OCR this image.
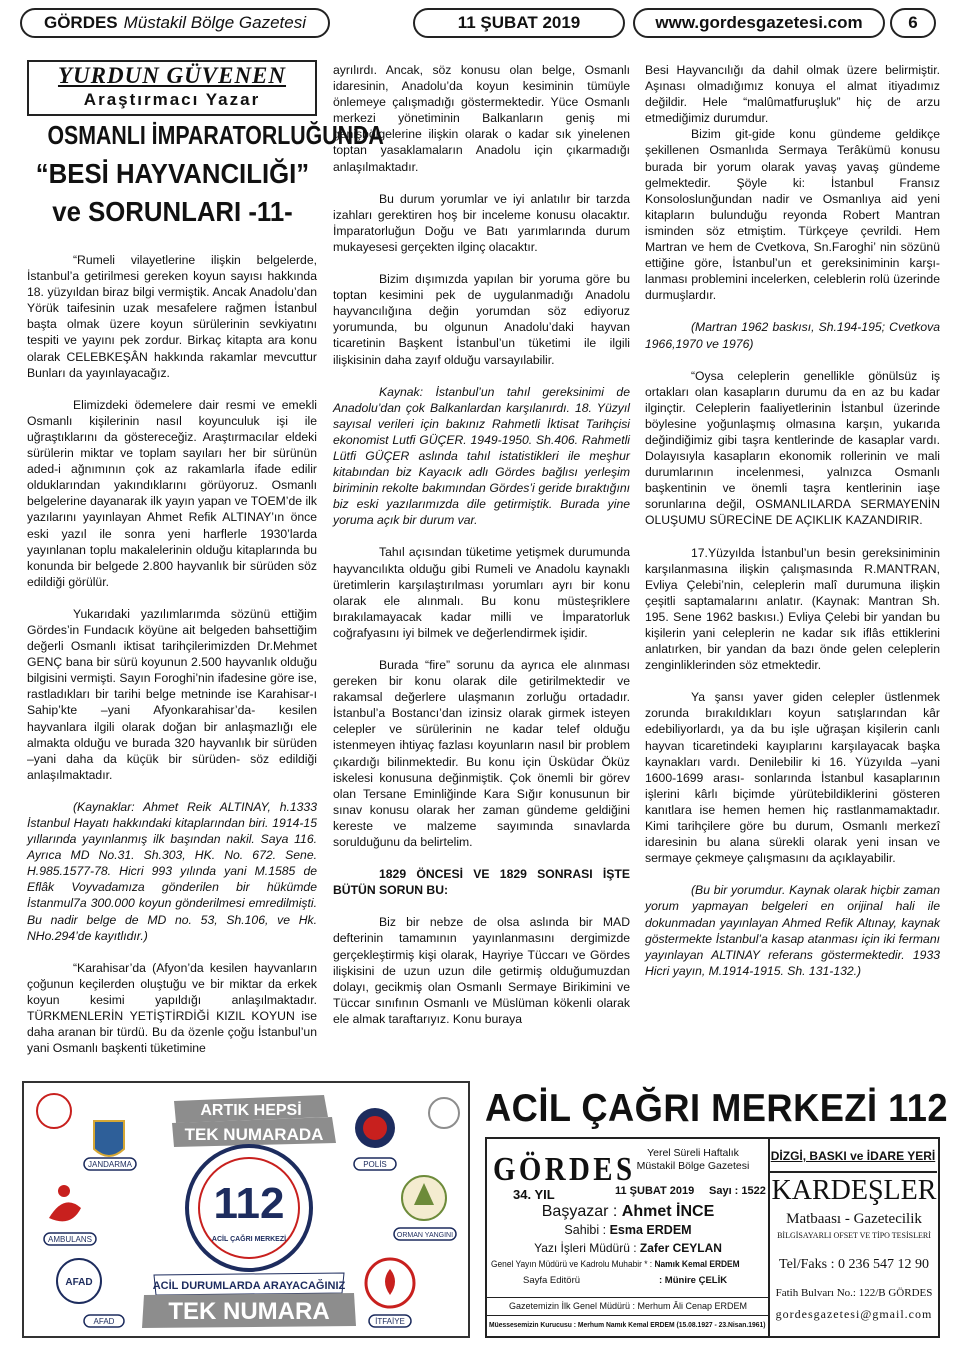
GÖRDES Müstakil Bölge Gazetesi	11 ŞUBAT 2019	www.gordesgazetesi.com	6
YURDUN GÜVENEN
Araştırmacı Yazar
OSMANLI İMPARATORLUĞUNDA
“BESİ HAYVANCILIĞI”
ve SORUNLARI -11-

“Rumeli vilayetlerine ilişkin belgelerde, İstanbul’a getirilmesi gereken koyun sayısı hakkında 18. yüzyıldan biraz bilgi vermiştik. Ancak Anadolu’dan Yörük taifesinin uzak mesafelere rağmen İstanbul başta olmak üzere koyun sürülerinin sevkiyatını tespiti ve yayını pek zordur. Birkaç kitapta ara konu olarak CELEBKEŞÂN hakkında rakamlar mevcuttur Bunları da yayınlayacağız.

Elimizdeki ödemelere dair resmi ve emekli Osmanlı kişilerinin nasıl koyunculuk işi ile uğraştıklarını da göstereceğiz. Araştırmacılar eldeki sürülerin miktar ve toplam sayıları her bir sürünün aded-i ağnımının çok az rakamlarla ifade edilir olduklarından yakındıklarını görüyoruz. Osmanlı belgelerine dayanarak ilk yayın yapan ve TOEM’de ilk yazılarını yayınlayan Ahmet Refik ALTINAY’ın önce eski yazıl ile sonra yeni harflerle 1930’larda yayınlanan toplu makalelerinin olduğu kitaplarında bu konunda bir belgede 2.800 hayvanlık bir sürüden söz edildiği görülür.

Yukarıdaki yazılımlarımda sözünü ettiğim Gördes’in Fundacık köyüne ait belgeden bahsettiğim değerli Osmanlı iktisat tarihçilerimizden Dr.Mehmet GENÇ bana bir sürü koyunun 2.500 hayvanlık olduğu bilgisini vermişti. Sayın Foroghi’nin ifadesine göre ise, rastladıkları bir tarihi belge metninde ise Karahisar-ı Sahip’kte –yani Afyonkarahisar’da- kesilen hayvanlara ilgili olarak doğan bir anlaşmazlığı ele almakta olduğu ve burada 320 hayvanlık bir sürüden –yani daha da küçük bir sürüden- söz edildiği anlaşılmaktadır.

(Kaynaklar: Ahmet Reik ALTINAY, h.1333 İstanbul Hayatı hakkındaki kitaplarından biri. 1914-15 yıllarında yayınlanmış ilk başından nakil. Saya 116. Ayrıca MD No.31. Sh.303, HK. No. 672. Sene. H.985.1577-78. Hicri 993 yılında yani M.1585 de Eflâk Voyvadamıza gönderilen bir hükümde İstanmul7a 300.000 koyun gönderilmesi emredilmişti. Bu nadir belge de MD no. 53, Sh.106, ve Hk. NHo.294’de kayıtlıdır.)

“Karahisar’da (Afyon’da kesilen hayvanların çoğunun keçilerden oluştuğu ve bir miktar da erkek koyun kesimi yapıldığı anlaşılmaktadır. TÜRKMENLERİN YETİŞTİRDİĞİ KIZIL KOYUN ise daha aranan bir türdü. Bu da özenle çoğu İstanbul’un yani Osmanlı başkenti tüketimine

ayrılırdı. Ancak, söz konusu olan belge, Osmanlı idaresinin, Anadolu’da koyun kesiminin tümüyle önlemeye çalışmadığı göstermektedir. Yüce Osmanlı merkezi yönetiminin Balkanların geniş mi genişbölgelerine ilişkin olarak o kadar sık yinelenen toptan yasaklamaların Anadolu için çıkarmadığı anlaşılmaktadır.

Bu durum yorumlar ve iyi anlatılır bir tarzda izahları gerektiren hoş bir inceleme konusu olacaktır. İmparatorluğun Doğu ve Batı yarımlarında durum mukayesesi gerçekten ilginç olacaktır.

Bizim dışımızda yapılan bir yoruma göre bu toptan kesimini pek de uygulanmadığı Anadolu hayvancılığına değin yorumdan söz ediyoruz yorumunda, bu olgunun Anadolu’daki hayvan ticaretinin Başkent İstanbul’un tüketimi ile ilgili ilişkisinin daha zayıf olduğu varsayılabilir.

Kaynak: İstanbul’un tahıl gereksinimi de Anadolu’dan çok Balkanlardan karşılanırdı. 18. Yüzyıl sayısal verileri için bakınız Rahmetli İktisat Tarihçisi ekonomist Lutfi GÜÇER. 1949-1950. Sh.406. Rahmetli Lütfi GÜÇER aslında tahıl istatistikleri ile meşhur kitabından biz Kayacık adlı Gördes bağlısı yerleşim biriminin rekolte bakımından Gördes’i geride bıraktığını biz eski yazılarımızda dile getirmiştik. Burada yine yoruma açık bir durum var.

Tahıl açısından tüketime yetişmek durumunda hayvancılıkta olduğu gibi Rumeli ve Anadolu kaynaklı üretimlerin karşılaştırılması yorumları ayrı bir konu olarak ele alınmalı. Bu konu müsteşriklere bırakılamayacak kadar milli ve İmparatorluk coğrafyasını iyi bilmek ve değerlendirmek işidir.

Burada “fire” sorunu da ayrıca ele alınması gereken bir konu olarak dile getirilmektedir ve rakamsal değerlere ulaşmanın zorluğu ortadadır. İstanbul’a Bostancı’dan izinsiz olarak girmek isteyen celepler ve sürülerinin ne kadar telef olduğu istenmeyen ihtiyaç fazlası koyunların nasıl bir problem çıkardığı bilinmektedir. Bu konu için Üsküdar Öküz iskelesi konusuna değinmiştik. Çok önemli bir görev olan Tersane Eminliğinde Kara Sığır konusunun bir sınav konusu olarak her zaman gündeme geldiğini kereste ve malzeme sayımında sınavlarda sorulduğunu da belirtelim.

1829 ÖNCESİ VE 1829 SONRASI İŞTE BÜTÜN SORUN BU:

Biz bir nebze de olsa aslında bir MAD defterinin tamamının yayınlanmasını dergimizde gerçekleştirmiş kişi olarak, Hayriye Tüccarı ve Gördes ilişkisini de uzun uzun dile getirmiş olduğumuzdan dolayı, gecikmiş olan Osmanlı Sermaye Birikimini ve Tüccar sınıfının Osmanlı ve Müslüman kökenli olarak ele almak taraftarıyız. Konu buraya

Besi Hayvancılığı da dahil olmak üzere belirmiştir. Aşınası olmadığımız konuya el almat itiyadımız değildir. Hele “malûmatfuruşluk” hiç de arzu etmediğimiz durumdur.

Bizim git-gide konu gündeme geldikçe şekillenen Osmanlıda Sermaya Terâkümü konusu burada bir yorum olarak yavaş yavaş gündeme gelmektedir. Şöyle ki: İstanbul Fransız Konsoloslunğundan nadir ve Osmanlıya aid yeni kitapların bulunduğu reyonda Robert Mantran isminden söz etmiştim. Türkçeye çevrildi. Hem Martran ve hem de Cvetkova, Sn.Faroghi’ nin sözünü ettiğine göre, İstanbul’un et gereksiniminin karşı-lanması problemini incelerken, celeblerin rolü üzerinde durmuşlardır.

(Martran 1962 baskısı, Sh.194-195; Cvetkova 1966,1970 ve 1976)

“Oysa celeplerin genellikle gönülsüz iş ortakları olan kasapların durumu da en az bu kadar ilginçtir. Celeplerin faaliyetlerinin İstanbul üzerinde böylesine yoğunlaşmış olmasına karşın, yukarıda değindiğimiz gibi taşra kentlerinde de kasaplar vardı. Dolayısıyla kasapların ekonomik rollerinin ve mali durumlarının incelenmesi, yalnızca Osmanlı başkentinin ve önemli taşra kentlerinin iaşe sorunlarına değil, OSMANLILARDA SERMAYENİN OLUŞUMU SÜRECİNE DE AÇIKLIK KAZANDIRIR.

17.Yüzyılda İstanbul’un besin gereksiniminin karşılanmasına ilişkin çalışmasında R.MANTRAN, Evliya Çelebi’nin, celeplerin malî durumuna ilişkin çeşitli saptamalarını anlatır. (Kaynak: Mantran Sh. 195. Sene 1962 baskısı.) Evliya Çelebi bir yandan bu kişilerin yani celeplerin ne kadar sık iflâs ettiklerini anlatırken, bir yandan da bazı önde gelen celeplerin zenginliklerinden söz etmektedir.

Ya şansı yaver giden celepler üstlenmek zorunda bırakıldıkları koyun satışlarından kâr edebiliyorlardı, ya da bu işle uğraşan kişilerin canlı hayvan ticaretindeki kayıplarını karşılayacak başka kaynakları vardı. Denilebilir ki 16. Yüzyılda –yani 1600-1699 arası- sonlarında İstanbul kasaplarının işlerini kârlı biçimde yürütebildiklerini gösteren kanıtlara ise hemen hemen hiç rastlanmamaktadır. Kimi tarihçilere göre bu durum, Osmanlı merkezî idaresinin bu alana sürekli olarak yeni insan ve sermaye çekmeye çalışmasını da açıklayabilir.

(Bu bir yorumdur. Kaynak olarak hiçbir zaman yorum yapmayan belgeleri en orijinal hali ile dokunmadan yayınlayan Ahmed Refik Altınay, kaynak göstermekte İstanbul’a kasap atanması için iki fermanı yayınlayan ALTINAY referans göstermektedir. 1933 Hicri yayın, M.1914-1915. Sh. 131-132.)

ARTIK HEPSİ
TEK NUMARADA
112
ACİL ÇAĞRI MERKEZİ
JANDARMA	POLİS
AMBULANS	ORMAN YANGINI
AFAD
AFAD	İTFAİYE
ACİL DURUMLARDA ARAYACAĞINIZ
TEK NUMARA
ACİL ÇAĞRI MERKEZİ 112
GÖRDES	Yerel Süreli Haftalık
Müstakil Bölge Gazetesi
DİZGİ, BASKI ve İDARE YERİ
34. YIL	11 ŞUBAT 2019 Sayı : 1522
Başyazar : Ahmet İNCE
Sahibi : Esma ERDEM
Yazı İşleri Müdürü : Zafer CEYLAN
Genel Yayın Müdürü ve Kadrolu Muhabir * : Namık Kemal ERDEM
Sayfa Editörü	: Münire ÇELİK
Gazetemizin İlk Genel Müdürü : Merhum Âli Cenap ERDEM
Müessesemizin Kurucusu : Merhum Namık Kemal ERDEM (15.08.1927 - 23.Nisan.1961)
KARDEŞLER
Matbaası - Gazetecilik
BİLGİSAYARLI OFSET VE TİPO TESİSLERİ
Tel/Faks : 0 236 547 12 90
Fatih Bulvarı No.: 122/B GÖRDES
gordesgazetesi@gmail.com
